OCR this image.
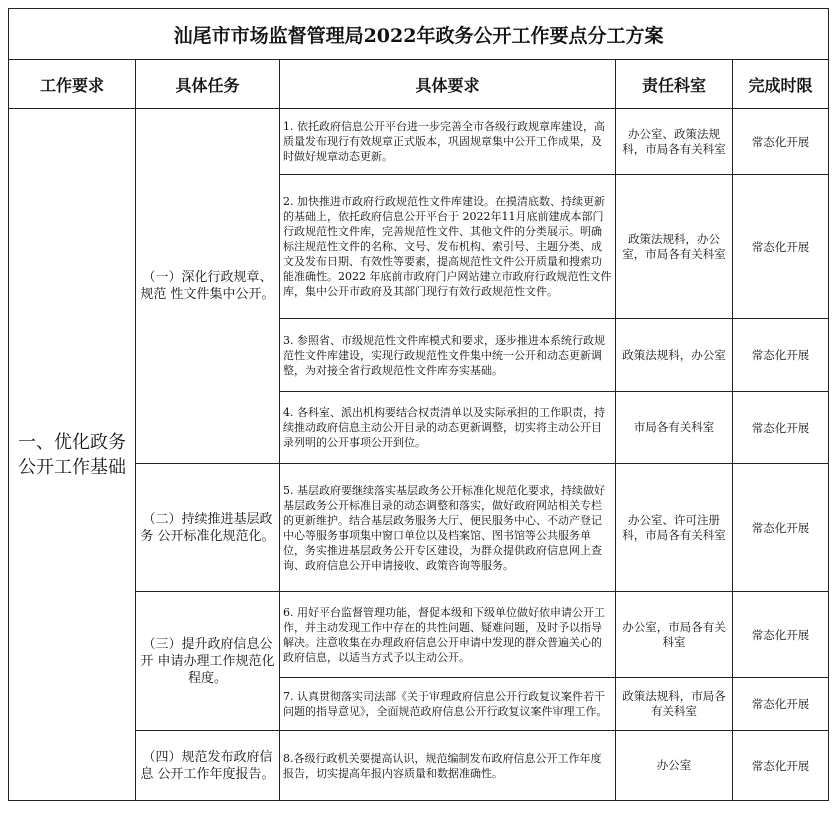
汕尾市市场监督管理局2022年政务公开工作要点分工方案				
工作要求	具体任务	具体要求	责任科室	完成时限
一、优化政务公开工作基础	（一）深化行政规章、规范 性文件集中公开。	1. 依托政府信息公开平台进一步完善全市各级行政规章库建设，高质量发布现行有效规章正式版本，巩固规章集中公开工作成果，及时做好规章动态更新。	办公室、政策法规科，市局各有关科室	常态化开展
		2. 加快推进市政府行政规范性文件库建设。在摸清底数、持续更新的基础上，依托政府信息公开平台于 2022年11月底前建成本部门行政规范性文件库，完善规范性文件、其他文件的分类展示。明确标注规范性文件的名称、文号、发布机构、索引号、主题分类、成文及发布日期、有效性等要素，提高规范性文件公开质量和搜索功能准确性。2022 年底前市政府门户网站建立市政府行政规范性文件库，集中公开市政府及其部门现行有效行政规范性文件。	政策法规科，办公室，市局各有关科室	常态化开展
		3. 参照省、市级规范性文件库模式和要求，逐步推进本系统行政规范性文件库建设，实现行政规范性文件集中统一公开和动态更新调整，为对接全省行政规范性文件库夯实基础。	政策法规科，办公室	常态化开展
		4. 各科室、派出机构要结合权责清单以及实际承担的工作职责，持续推动政府信息主动公开目录的动态更新调整，切实将主动公开目录列明的公开事项公开到位。	市局各有关科室	常态化开展
	（二）持续推进基层政务 公开标准化规范化。	5. 基层政府要继续落实基层政务公开标准化规范化要求，持续做好 基层政务公开标准目录的动态调整和落实，做好政府网站相关专栏的更新维护。结合基层政务服务大厅、便民服务中心、不动产登记中心等服务事项集中窗口单位以及档案馆、图书馆等公共服务单位，务实推进基层政务公开专区建设，为群众提供政府信息网上查询、政府信息公开申请接收、政策咨询等服务。	办公室、许可注册科，市局各有关科室	常态化开展
	（三）提升政府信息公开 申请办理工作规范化程度。	6. 用好平台监督管理功能，督促本级和下级单位做好依申请公开工作，并主动发现工作中存在的共性问题、疑难问题，及时予以指导解决。注意收集在办理政府信息公开申请中发现的群众普遍关心的政府信息，以适当方式予以主动公开。	办公室，市局各有关科室	常态化开展
		7. 认真贯彻落实司法部《关于审理政府信息公开行政复议案件若干问题的指导意见》，全面规范政府信息公开行政复议案件审理工作。	政策法规科，市局各有关科室	常态化开展
	（四）规范发布政府信息 公开工作年度报告。	8.各级行政机关要提高认识，规范编制发布政府信息公开工作年度报告，切实提高年报内容质量和数据准确性。	办公室	常态化开展
